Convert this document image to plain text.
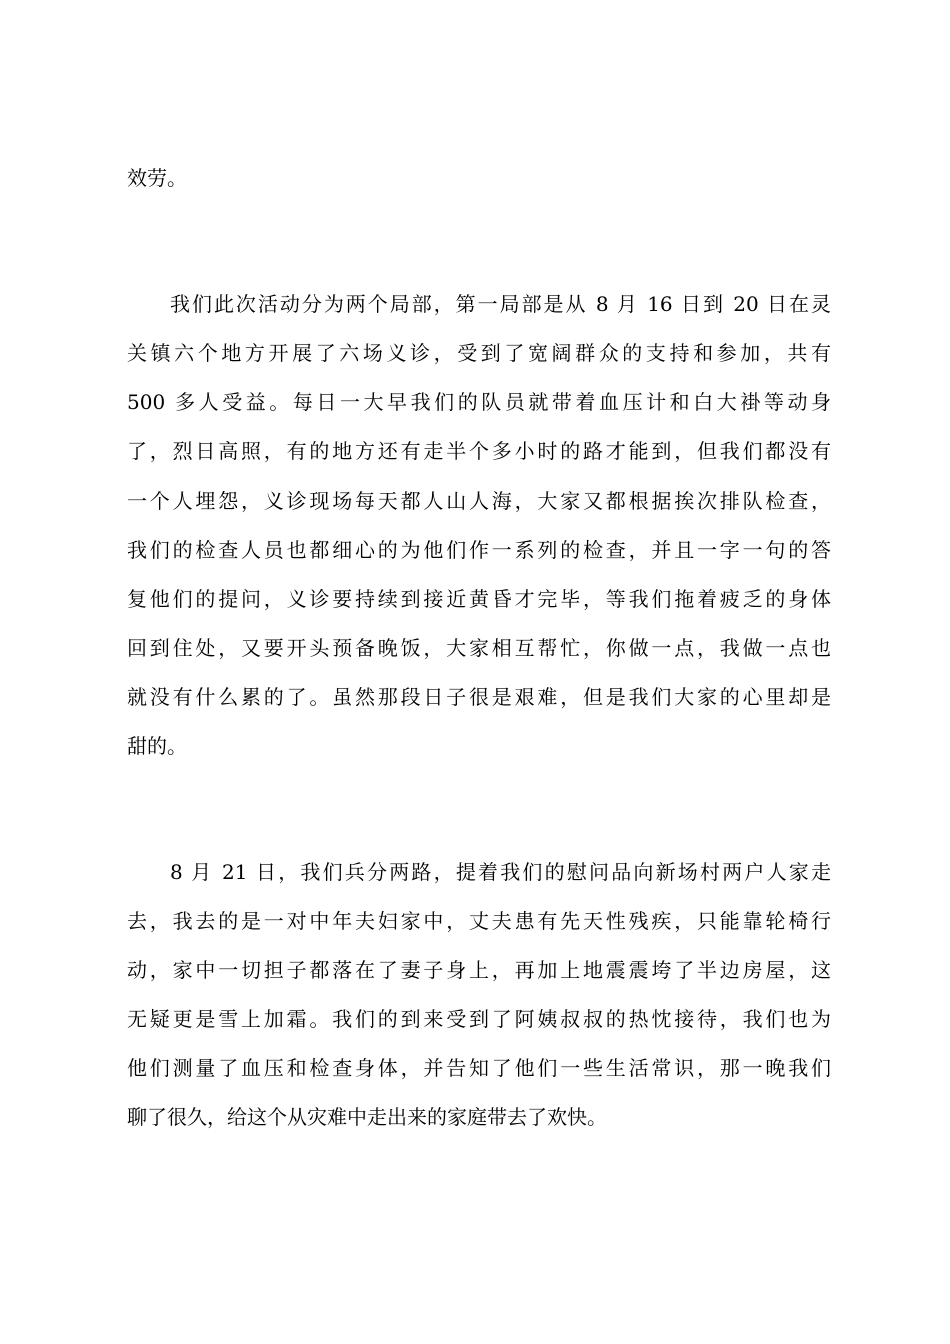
效劳。
我们此次活动分为两个局部，第一局部是从 8 月 16 日到 20 日在灵
关镇六个地方开展了六场义诊，受到了宽阔群众的支持和参加，共有
500 多人受益。每日一大早我们的队员就带着血压计和白大褂等动身
了，烈日高照，有的地方还有走半个多小时的路才能到，但我们都没有
一个人埋怨，义诊现场每天都人山人海，大家又都根据挨次排队检查，
我们的检查人员也都细心的为他们作一系列的检查，并且一字一句的答
复他们的提问，义诊要持续到接近黄昏才完毕，等我们拖着疲乏的身体
回到住处，又要开头预备晚饭，大家相互帮忙，你做一点，我做一点也
就没有什么累的了。虽然那段日子很是艰难，但是我们大家的心里却是
甜的。
8 月 21 日，我们兵分两路，提着我们的慰问品向新场村两户人家走
去，我去的是一对中年夫妇家中，丈夫患有先天性残疾，只能靠轮椅行
动，家中一切担子都落在了妻子身上，再加上地震震垮了半边房屋，这
无疑更是雪上加霜。我们的到来受到了阿姨叔叔的热忱接待，我们也为
他们测量了血压和检查身体，并告知了他们一些生活常识，那一晚我们
聊了很久，给这个从灾难中走出来的家庭带去了欢快。
